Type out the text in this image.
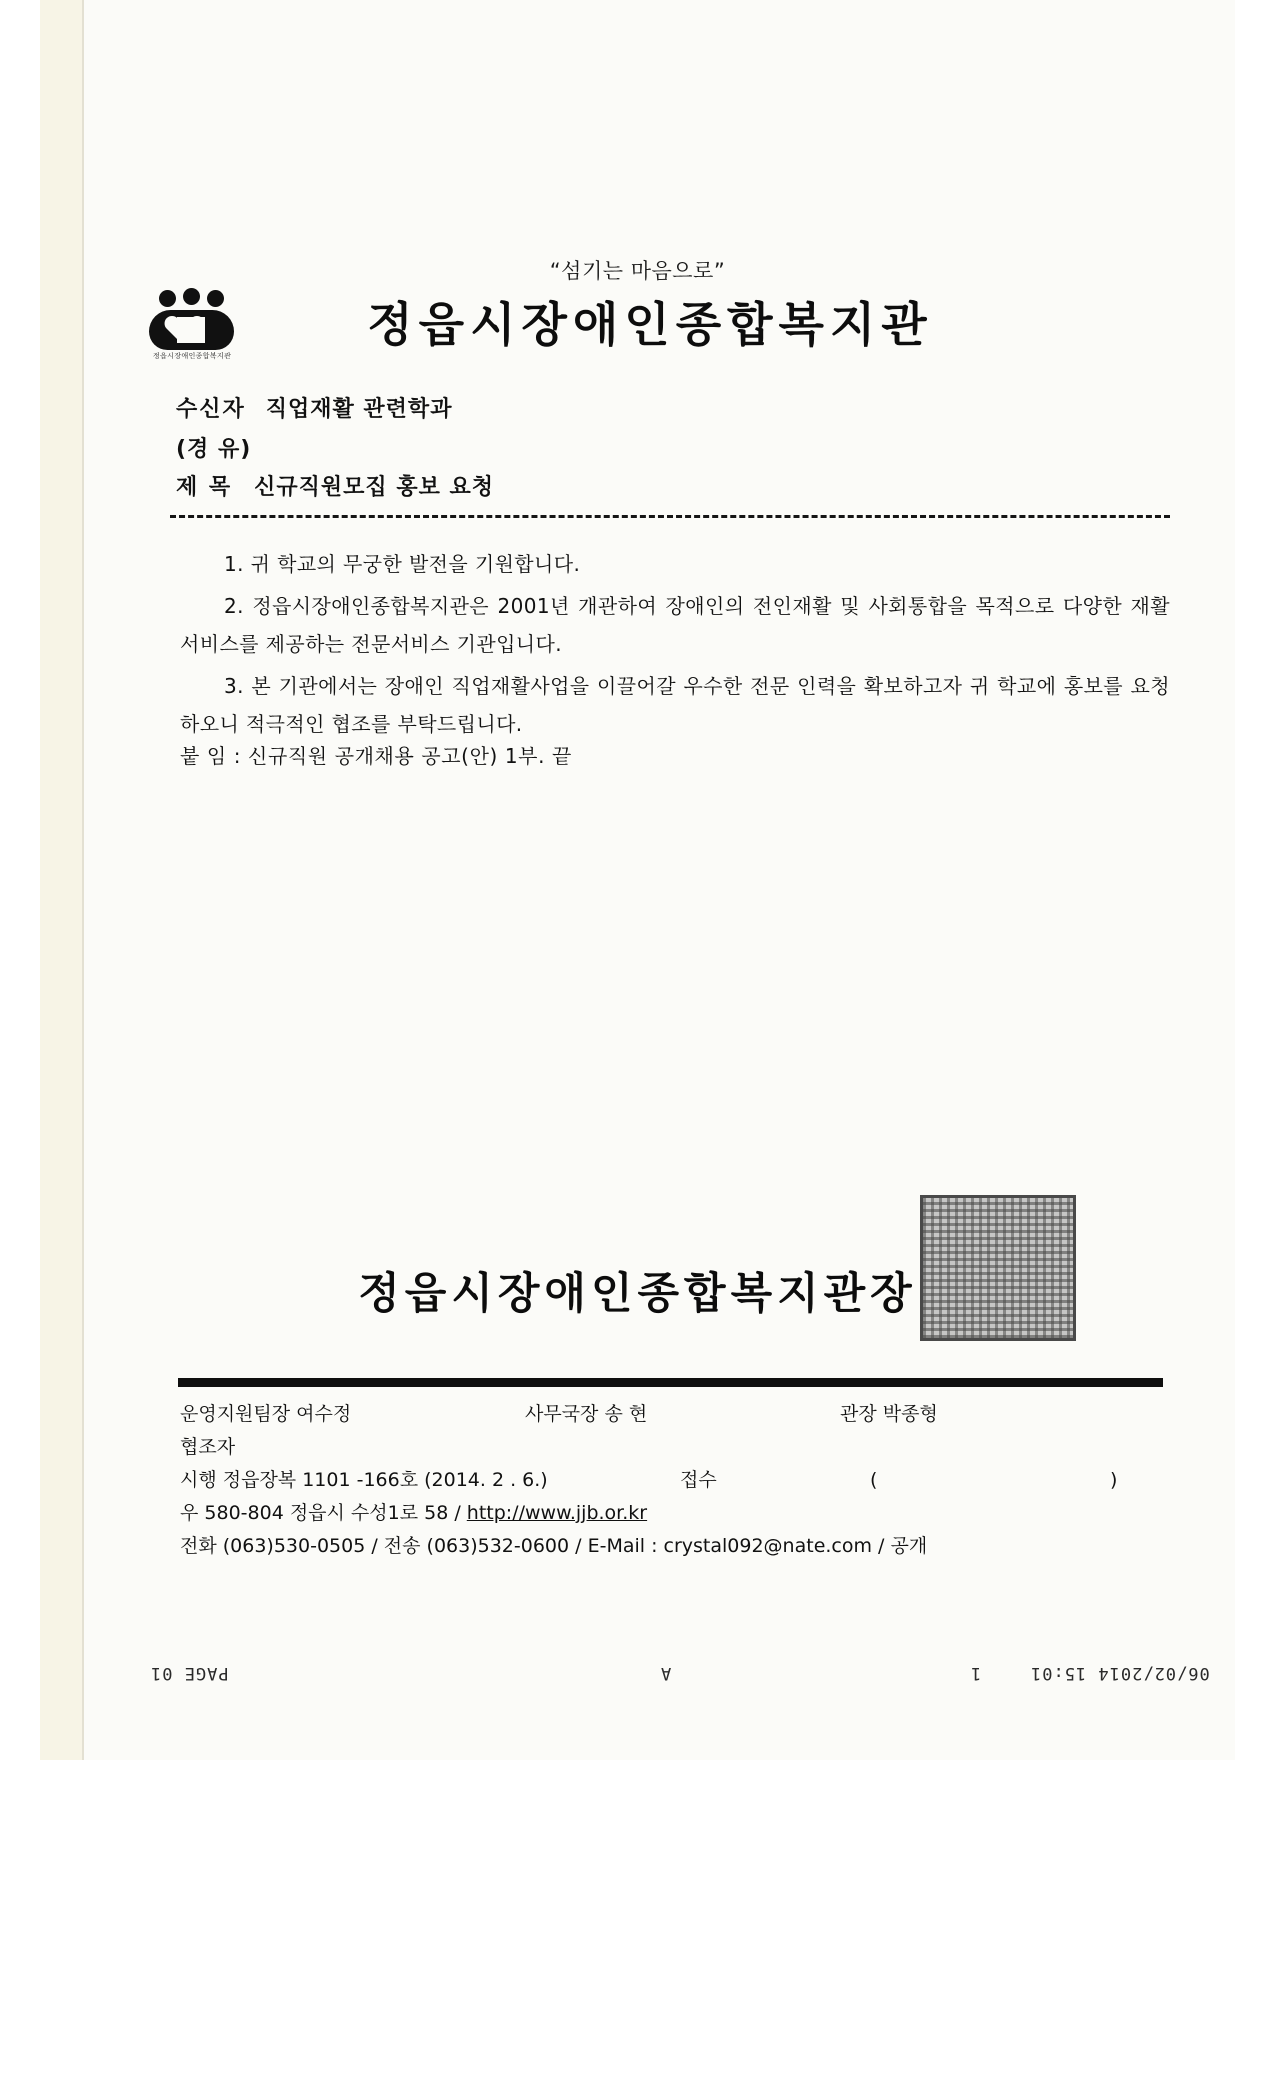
“섬기는 마음으로”
정읍시장애인종합복지관
정읍시장애인종합복지관
수신자 직업재활 관련학과
(경 유)
제 목 신규직원모집 홍보 요청

1. 귀 학교의 무궁한 발전을 기원합니다.

2. 정읍시장애인종합복지관은 2001년 개관하여 장애인의 전인재활 및 사회통합을 목적으로 다양한 재활서비스를 제공하는 전문서비스 기관입니다.

3. 본 기관에서는 장애인 직업재활사업을 이끌어갈 우수한 전문 인력을 확보하고자 귀 학교에 홍보를 요청하오니 적극적인 협조를 부탁드립니다.

붙 임 : 신규직원 공개채용 공고(안) 1부. 끝
정읍시장애인종합복지관장
운영지원팀장 여수정	사무국장 송 현	관장 박종형
협조자
시행 정읍장복 1101 -166호 (2014. 2 . 6.)	접수	(	)
우 580-804 정읍시 수성1로 58 / http://www.jjb.or.kr
전화 (063)530-0505 / 전송 (063)532-0600 / E-Mail : crystal092@nate.com / 공개
PAGE 01	A	1	06/02/2014 15:01
